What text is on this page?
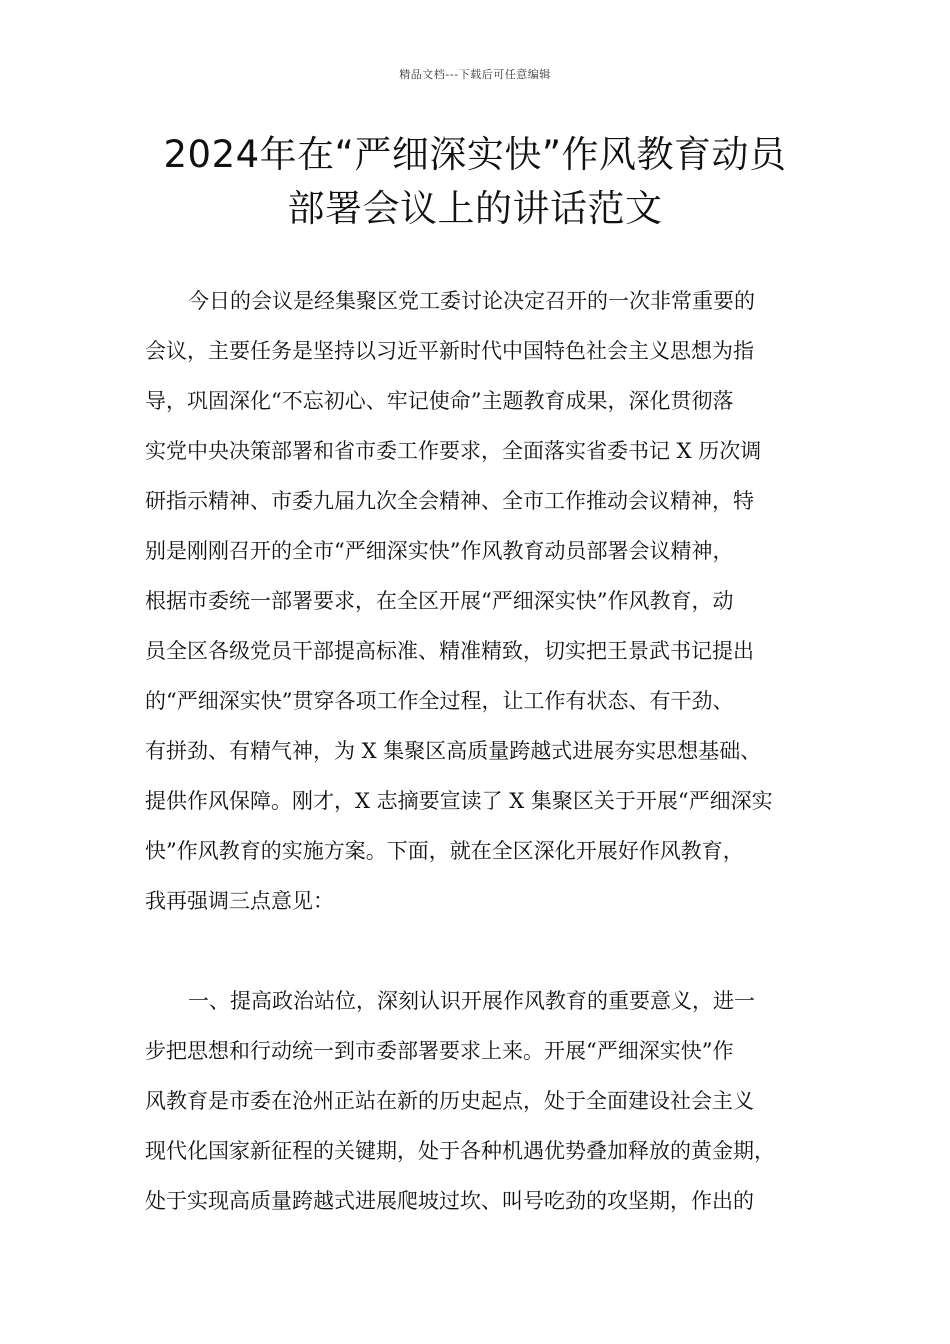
精品文档---下载后可任意编辑
2024年在“严细深实快”作风教育动员
部署会议上的讲话范文
今日的会议是经集聚区党工委讨论决定召开的一次非常重要的
会议，主要任务是坚持以习近平新时代中国特色社会主义思想为指
导，巩固深化“不忘初心、牢记使命”主题教育成果，深化贯彻落
实党中央决策部署和省市委工作要求，全面落实省委书记 X 历次调
研指示精神、市委九届九次全会精神、全市工作推动会议精神，特
别是刚刚召开的全市“严细深实快”作风教育动员部署会议精神，
根据市委统一部署要求，在全区开展“严细深实快”作风教育，动
员全区各级党员干部提高标准、精准精致，切实把王景武书记提出
的“严细深实快”贯穿各项工作全过程，让工作有状态、有干劲、
有拼劲、有精气神，为 X 集聚区高质量跨越式进展夯实思想基础、
提供作风保障。刚才，X 志摘要宣读了 X 集聚区关于开展“严细深实
快”作风教育的实施方案。下面，就在全区深化开展好作风教育，
我再强调三点意见：
一、提高政治站位，深刻认识开展作风教育的重要意义，进一
步把思想和行动统一到市委部署要求上来。开展“严细深实快”作
风教育是市委在沧州正站在新的历史起点，处于全面建设社会主义
现代化国家新征程的关键期，处于各种机遇优势叠加释放的黄金期，
处于实现高质量跨越式进展爬坡过坎、叫号吃劲的攻坚期，作出的
